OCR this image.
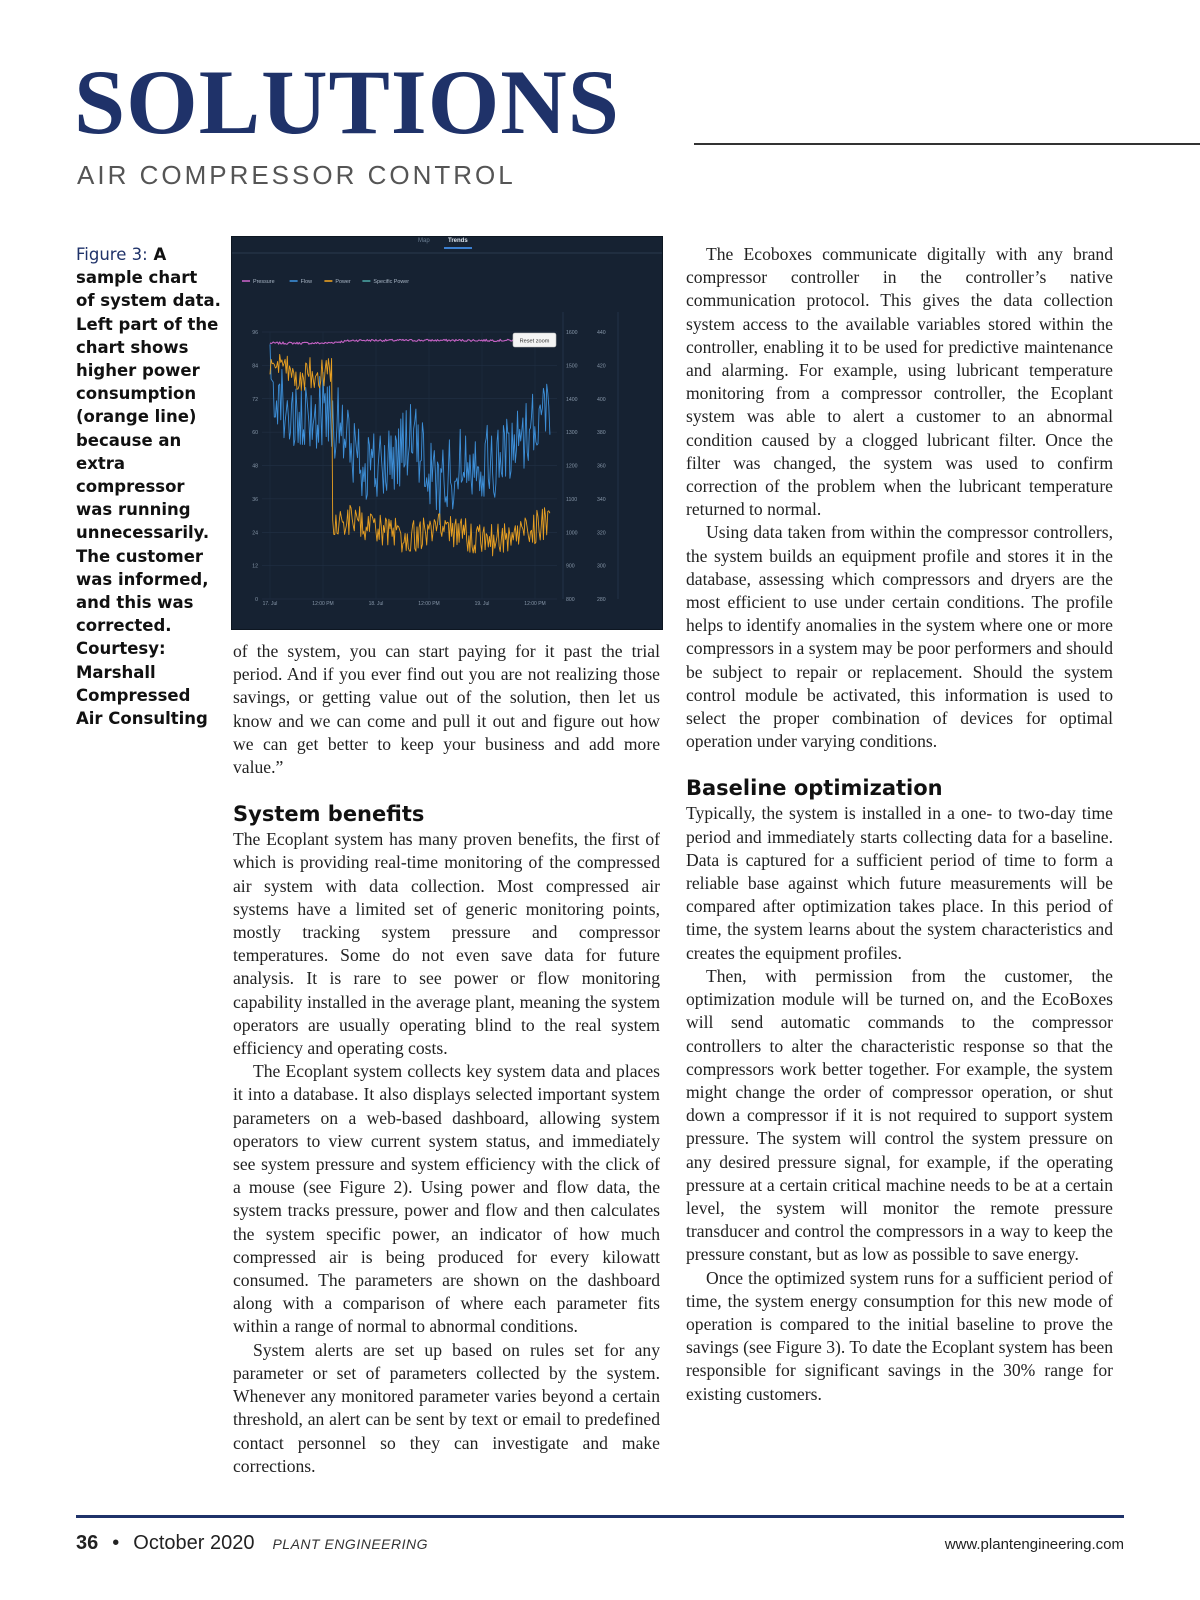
SOLUTIONS
AIR COMPRESSOR CONTROL
Figure 3: A sample chart of system data. Left part of the chart shows higher power consumption (orange line) because an extra compressor was running unnecessarily. The customer was informed, and this was corrected. Courtesy: Marshall Compressed Air Consulting
Map	Trends
Pressure	Flow	Power	Specific Power
0
12
24
36
48
60
72
84
96
800
900
1000
1100
1200
1300
1400
1500
1600
280
300
320
340
360
380
400
420
440
17. Jul	12:00 PM	18. Jul	12:00 PM	19. Jul	12:00 PM
Reset zoom

of the system, you can start paying for it past the trial period. And if you ever find out you are not realizing those savings, or getting value out of the solution, then let us know and we can come and pull it out and figure out how we can get better to keep your business and add more value.”

System benefits

The Ecoplant system has many proven benefits, the first of which is providing real-time monitoring of the compressed air system with data collection. Most compressed air systems have a limited set of generic monitoring points, mostly tracking system pressure and compressor temperatures. Some do not even save data for future analysis. It is rare to see power or flow monitoring capability installed in the average plant, meaning the system operators are usually operating blind to the real system efficiency and operating costs.

The Ecoplant system collects key system data and places it into a database. It also displays selected important system parameters on a web-based dashboard, allowing system operators to view current system status, and immediately see system pressure and system efficiency with the click of a mouse (see Figure 2). Using power and flow data, the system tracks pressure, power and flow and then calculates the system specific power, an indicator of how much compressed air is being produced for every kilowatt consumed. The parameters are shown on the dashboard along with a comparison of where each parameter fits within a range of normal to abnormal conditions.

System alerts are set up based on rules set for any parameter or set of parameters collected by the system. Whenever any monitored parameter varies beyond a certain threshold, an alert can be sent by text or email to predefined contact personnel so they can investigate and make corrections.

The Ecoboxes communicate digitally with any brand compressor controller in the controller’s native communication protocol. This gives the data collection system access to the available variables stored within the controller, enabling it to be used for predictive maintenance and alarming. For example, using lubricant temperature monitoring from a compressor controller, the Ecoplant system was able to alert a customer to an abnormal condition caused by a clogged lubricant filter. Once the filter was changed, the system was used to confirm correction of the problem when the lubricant temperature returned to normal.

Using data taken from within the compressor controllers, the system builds an equipment profile and stores it in the database, assessing which compressors and dryers are the most efficient to use under certain conditions. The profile helps to identify anomalies in the system where one or more compressors in a system may be poor performers and should be subject to repair or replacement. Should the system control module be activated, this information is used to select the proper combination of devices for optimal operation under varying conditions.

Baseline optimization

Typically, the system is installed in a one- to two-day time period and immediately starts collecting data for a baseline. Data is captured for a sufficient period of time to form a reliable base against which future measurements will be compared after optimization takes place. In this period of time, the system learns about the system characteristics and creates the equipment profiles.

Then, with permission from the customer, the optimization module will be turned on, and the EcoBoxes will send automatic commands to the compressor controllers to alter the characteristic response so that the compressors work better together. For example, the system might change the order of compressor operation, or shut down a compressor if it is not required to support system pressure. The system will control the system pressure on any desired pressure signal, for example, if the operating pressure at a certain critical machine needs to be at a certain level, the system will monitor the remote pressure transducer and control the compressors in a way to keep the pressure constant, but as low as possible to save energy.

Once the optimized system runs for a sufficient period of time, the system energy consumption for this new mode of operation is compared to the initial baseline to prove the savings (see Figure 3). To date the Ecoplant system has been responsible for significant savings in the 30% range for existing customers.

36 • October 2020 PLANT ENGINEERING	www.plantengineering.com
